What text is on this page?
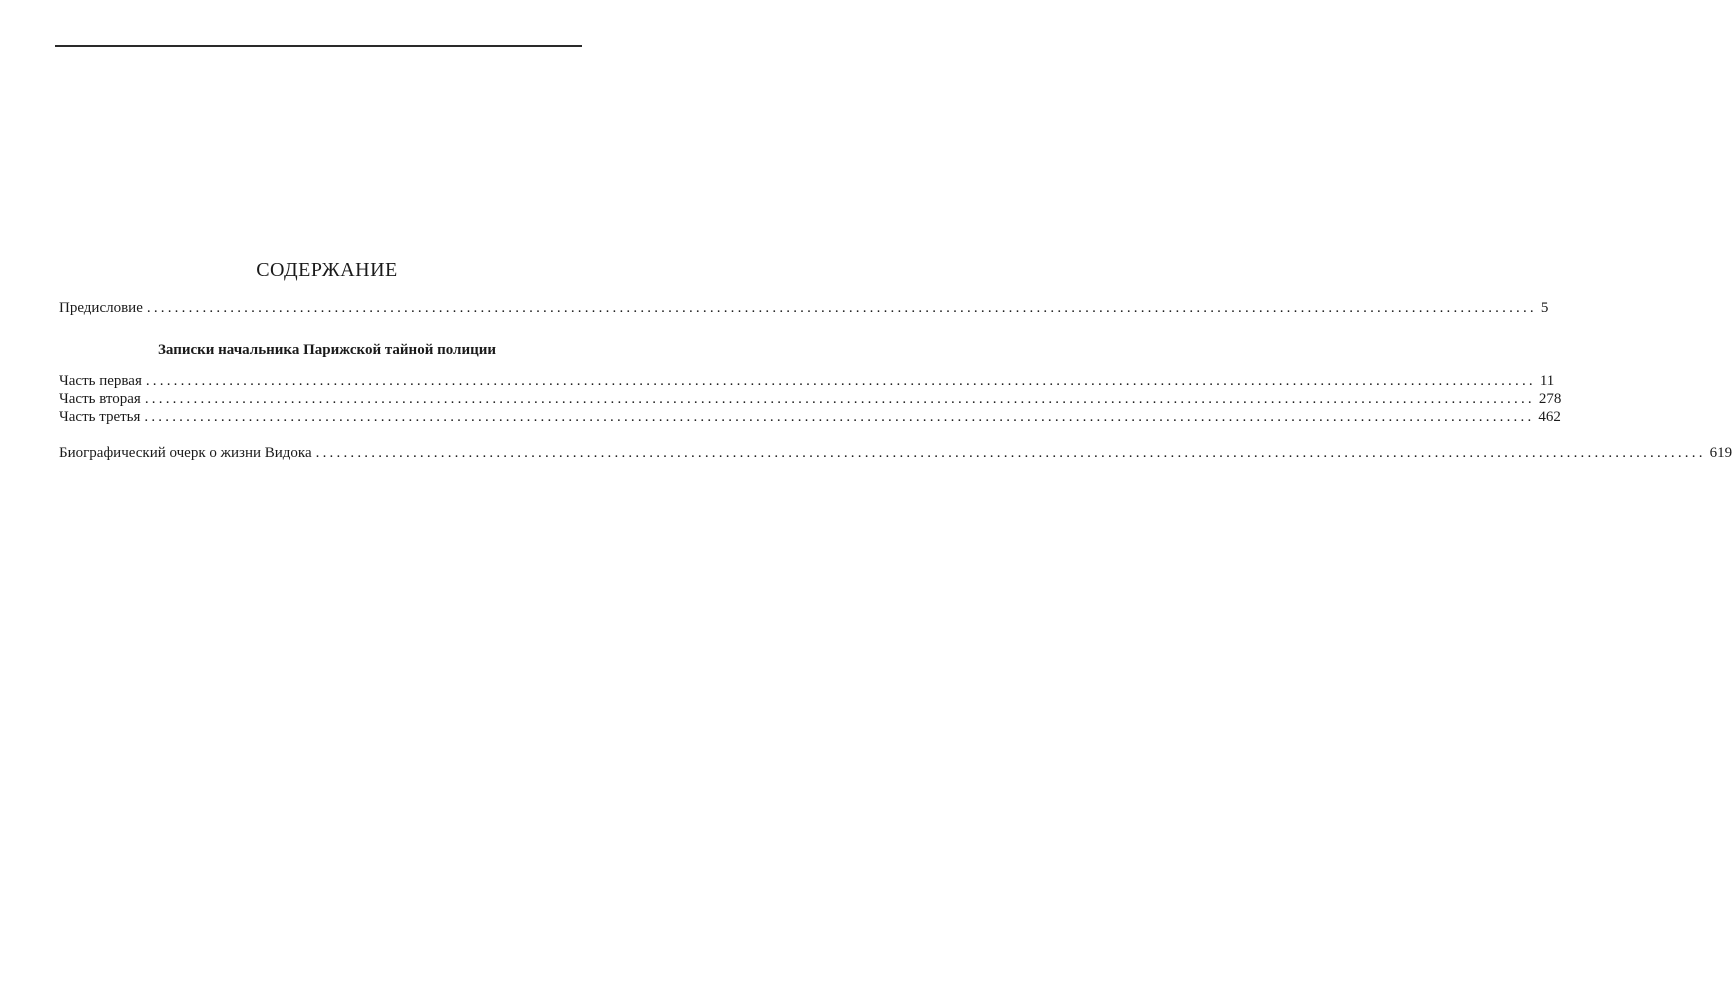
СОДЕРЖАНИЕ
Предисловие ........................................................................................................................................................................................................ 5
Записки начальника Парижской тайной полиции
Часть первая ........................................................................................................................................................................................................ 11
Часть вторая ........................................................................................................................................................................................................ 278
Часть третья ........................................................................................................................................................................................................ 462
Биографический очерк о жизни Видока ........................................................................................................................................................................................................ 619
